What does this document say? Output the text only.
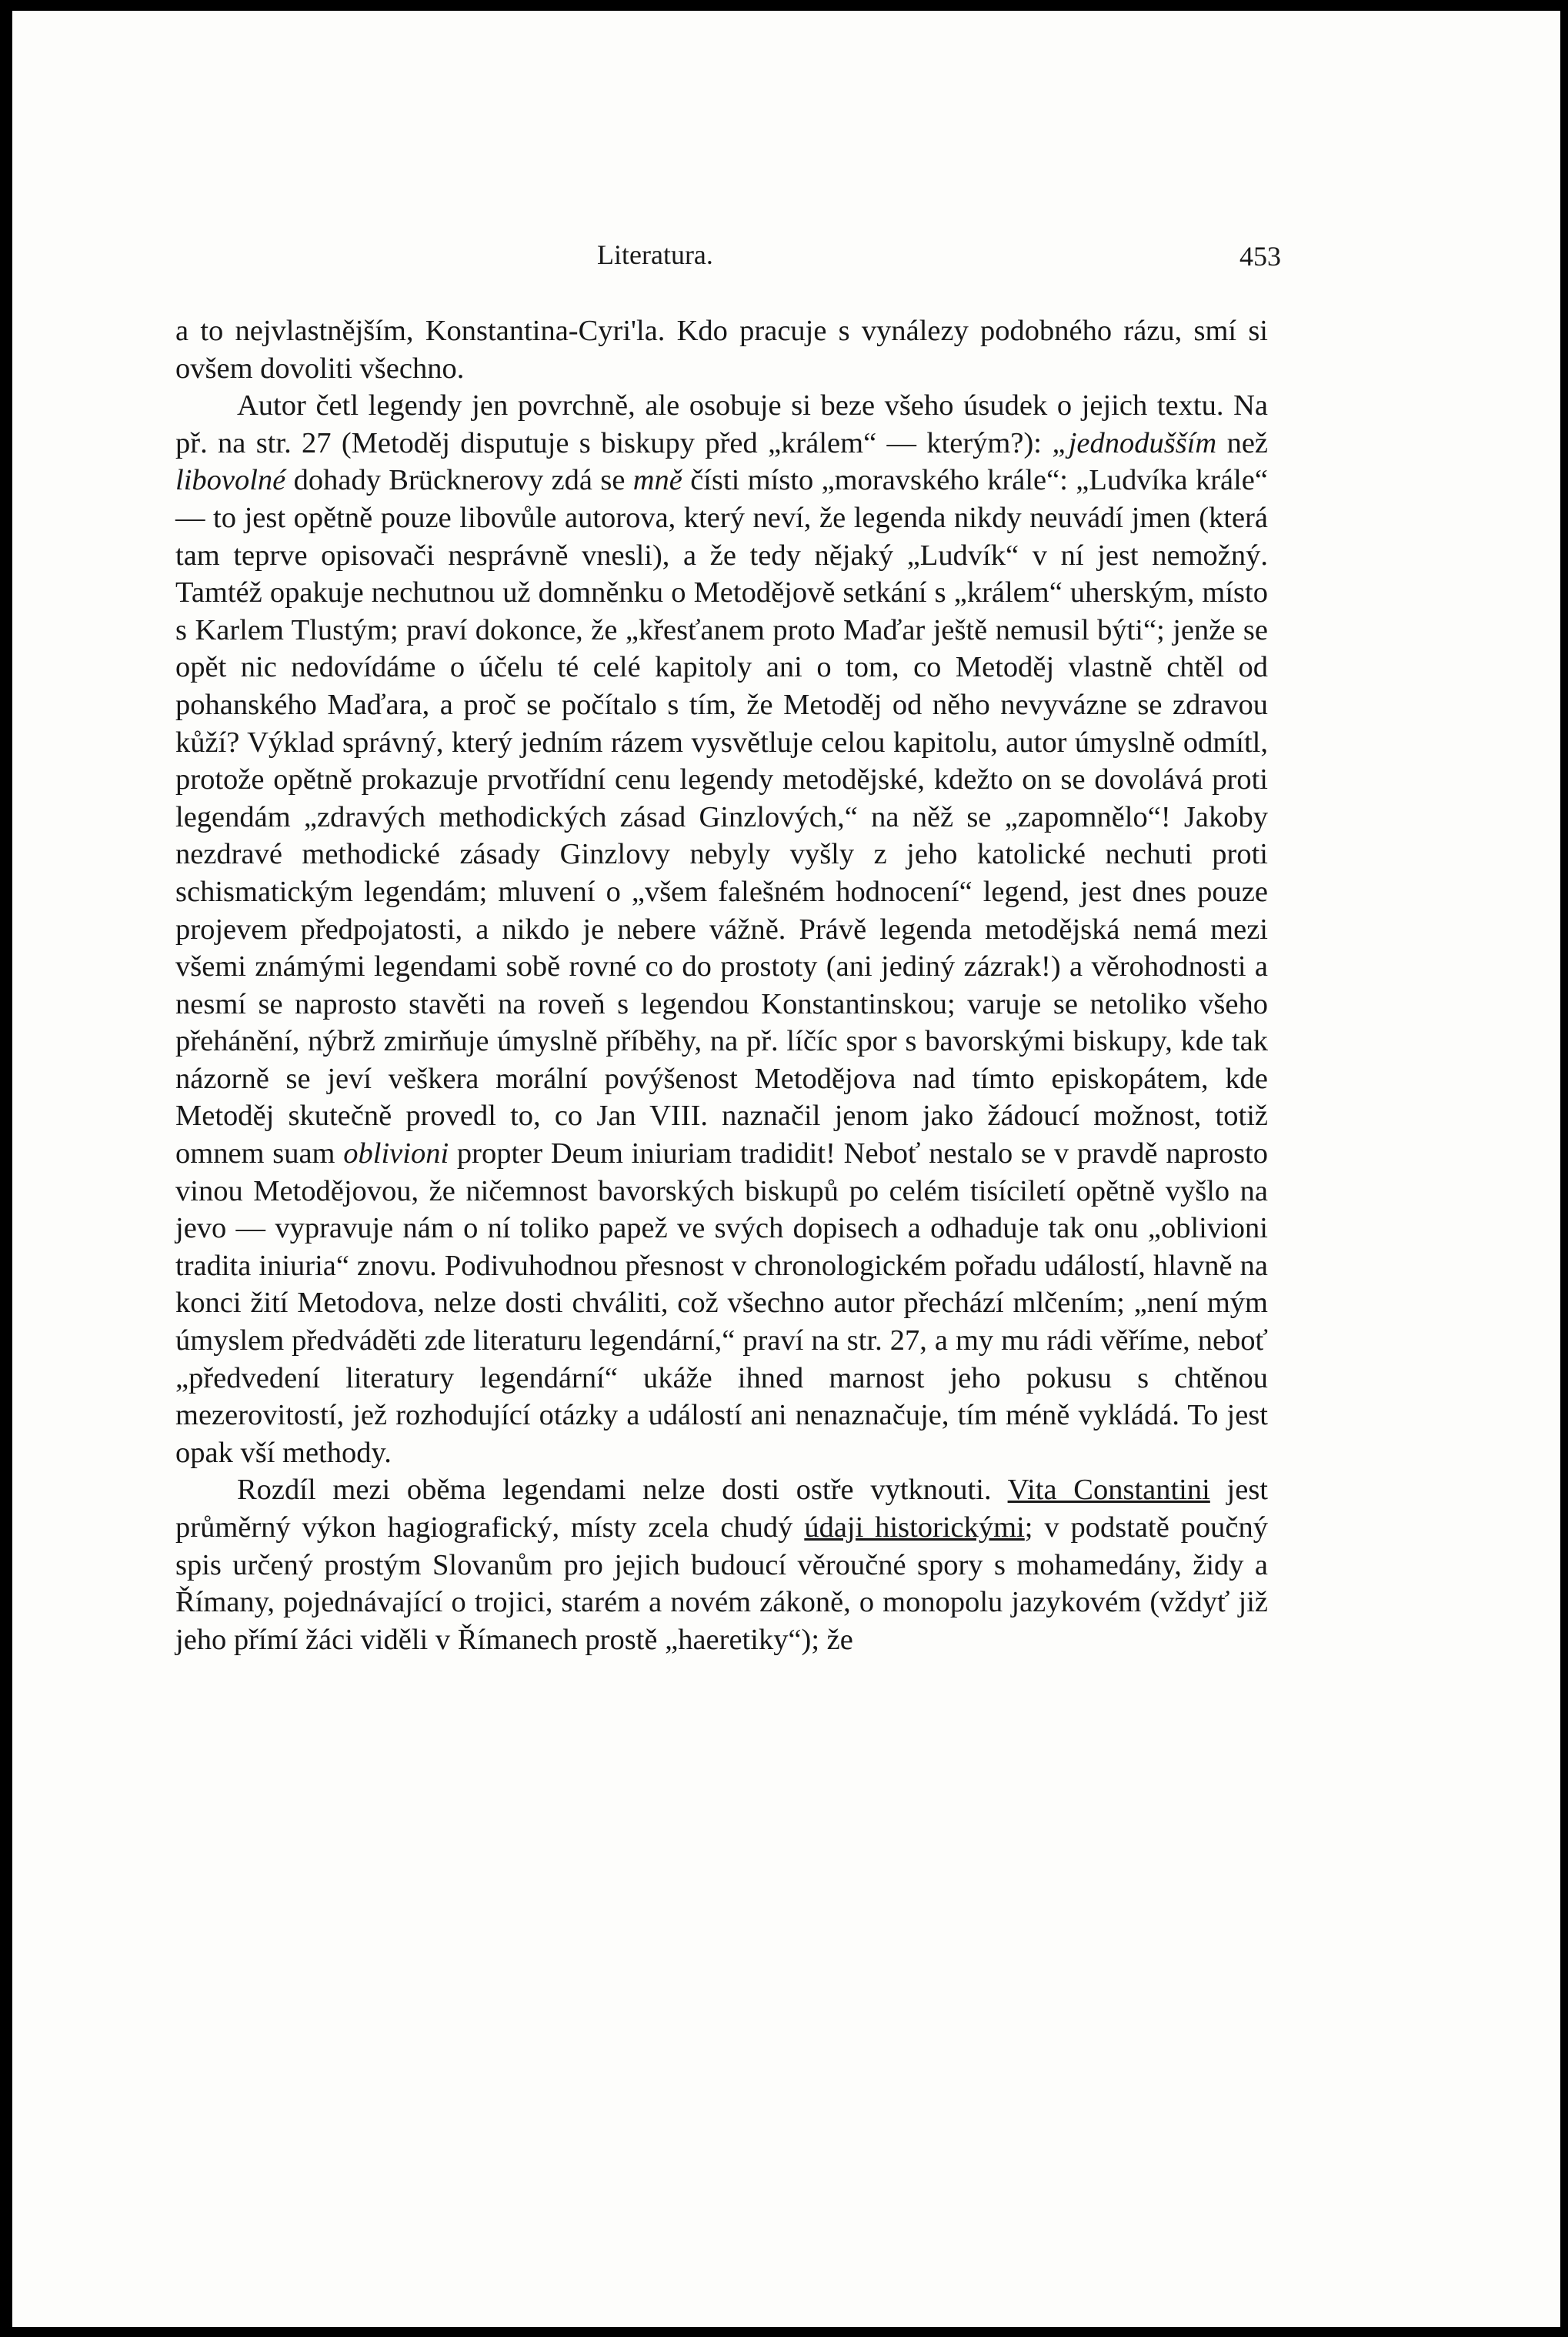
Literatura.	453

a to nejvlastnějším, Konstantina-Cyri'la. Kdo pracuje s vynálezy podobného rázu, smí si ovšem dovoliti všechno.

Autor četl legendy jen povrchně, ale osobuje si beze všeho úsudek o jejich textu. Na př. na str. 27 (Metoděj disputuje s biskupy před „králem“ — kterým?): „jednodušším než libovolné dohady Brücknerovy zdá se mně čísti místo „moravského krále“: „Ludvíka krále“ — to jest opětně pouze libovůle autorova, který neví, že legenda nikdy neuvádí jmen (která tam teprve opisovači nesprávně vnesli), a že tedy nějaký „Ludvík“ v ní jest nemožný. Tamtéž opakuje nechutnou už domněnku o Metodějově setkání s „králem“ uherským, místo s Karlem Tlustým; praví dokonce, že „křesťanem proto Maďar ještě nemusil býti“; jenže se opět nic nedovídáme o účelu té celé kapitoly ani o tom, co Metoděj vlastně chtěl od pohanského Maďara, a proč se počítalo s tím, že Metoděj od něho nevyvázne se zdravou kůží? Výklad správný, který jedním rázem vysvětluje celou kapitolu, autor úmyslně odmítl, protože opětně prokazuje prvotřídní cenu legendy metodějské, kdežto on se dovolává proti legendám „zdravých methodických zásad Ginzlových,“ na něž se „zapomnělo“! Jakoby nezdravé methodické zásady Ginzlovy nebyly vyšly z jeho katolické nechuti proti schismatickým legendám; mluvení o „všem falešném hodnocení“ legend, jest dnes pouze projevem předpojatosti, a nikdo je nebere vážně. Právě legenda metodějská nemá mezi všemi známými legendami sobě rovné co do prostoty (ani jediný zázrak!) a věrohodnosti a nesmí se naprosto stavěti na roveň s legendou Konstantinskou; varuje se netoliko všeho přehánění, nýbrž zmirňuje úmyslně příběhy, na př. líčíc spor s bavorskými biskupy, kde tak názorně se jeví veškera morální povýšenost Metodějova nad tímto episkopátem, kde Metoděj skutečně provedl to, co Jan VIII. naznačil jenom jako žádoucí možnost, totiž omnem suam oblivioni propter Deum iniuriam tradidit! Neboť nestalo se v pravdě naprosto vinou Metodějovou, že ničemnost bavorských biskupů po celém tisíciletí opětně vyšlo na jevo — vypravuje nám o ní toliko papež ve svých dopisech a odhaduje tak onu „oblivioni tradita iniuria“ znovu. Podivuhodnou přesnost v chronologickém pořadu událostí, hlavně na konci žití Metodova, nelze dosti chváliti, což všechno autor přechází mlčením; „není mým úmyslem předváděti zde literaturu legendární,“ praví na str. 27, a my mu rádi věříme, neboť „předvedení literatury legendární“ ukáže ihned marnost jeho pokusu s chtěnou mezerovitostí, jež rozhodující otázky a událostí ani nenaznačuje, tím méně vykládá. To jest opak vší methody.

Rozdíl mezi oběma legendami nelze dosti ostře vytknouti. Vita Constantini jest průměrný výkon hagiografický, místy zcela chudý údaji historickými; v podstatě poučný spis určený prostým Slovanům pro jejich budoucí věroučné spory s mohamedány, židy a Římany, pojednávající o trojici, starém a novém zákoně, o monopolu jazykovém (vždyť již jeho přímí žáci viděli v Římanech prostě „haeretiky“); že
